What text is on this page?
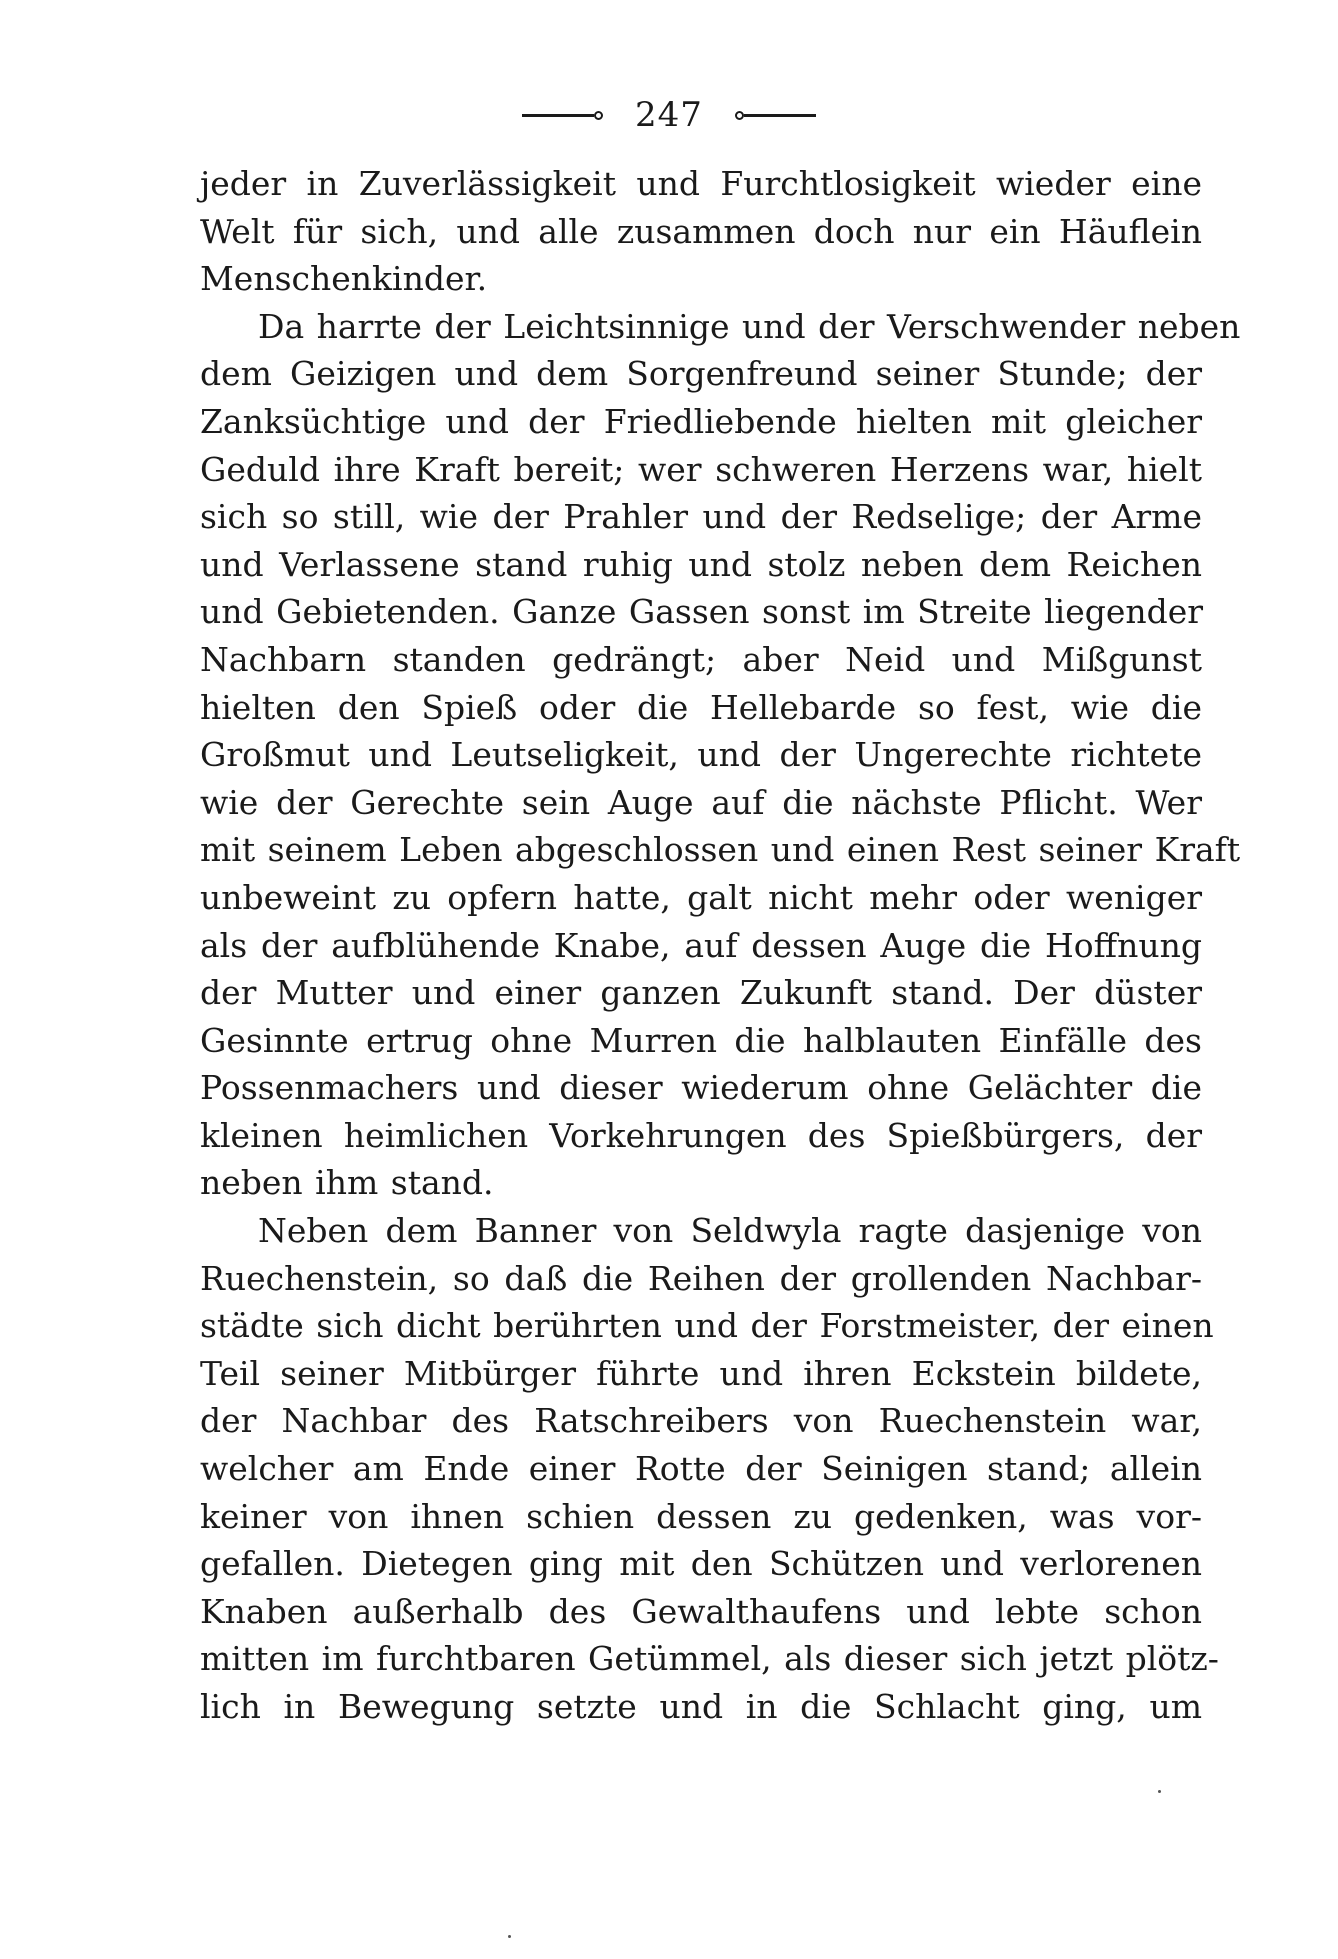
247
jeder in Zuverlässigkeit und Furchtlosigkeit wieder eine
Welt für sich, und alle zusammen doch nur ein Häuflein
Menschenkinder.
Da harrte der Leichtsinnige und der Verschwender neben
dem Geizigen und dem Sorgenfreund seiner Stunde; der
Zanksüchtige und der Friedliebende hielten mit gleicher
Geduld ihre Kraft bereit; wer schweren Herzens war, hielt
sich so still, wie der Prahler und der Redselige; der Arme
und Verlassene stand ruhig und stolz neben dem Reichen
und Gebietenden. Ganze Gassen sonst im Streite liegender
Nachbarn standen gedrängt; aber Neid und Mißgunst
hielten den Spieß oder die Hellebarde so fest, wie die
Großmut und Leutseligkeit, und der Ungerechte richtete
wie der Gerechte sein Auge auf die nächste Pflicht. Wer
mit seinem Leben abgeschlossen und einen Rest seiner Kraft
unbeweint zu opfern hatte, galt nicht mehr oder weniger
als der aufblühende Knabe, auf dessen Auge die Hoffnung
der Mutter und einer ganzen Zukunft stand. Der düster
Gesinnte ertrug ohne Murren die halblauten Einfälle des
Possenmachers und dieser wiederum ohne Gelächter die
kleinen heimlichen Vorkehrungen des Spießbürgers, der
neben ihm stand.
Neben dem Banner von Seldwyla ragte dasjenige von
Ruechenstein, so daß die Reihen der grollenden Nachbar-
städte sich dicht berührten und der Forstmeister, der einen
Teil seiner Mitbürger führte und ihren Eckstein bildete,
der Nachbar des Ratschreibers von Ruechenstein war,
welcher am Ende einer Rotte der Seinigen stand; allein
keiner von ihnen schien dessen zu gedenken, was vor-
gefallen. Dietegen ging mit den Schützen und verlorenen
Knaben außerhalb des Gewalthaufens und lebte schon
mitten im furchtbaren Getümmel, als dieser sich jetzt plötz-
lich in Bewegung setzte und in die Schlacht ging, um
